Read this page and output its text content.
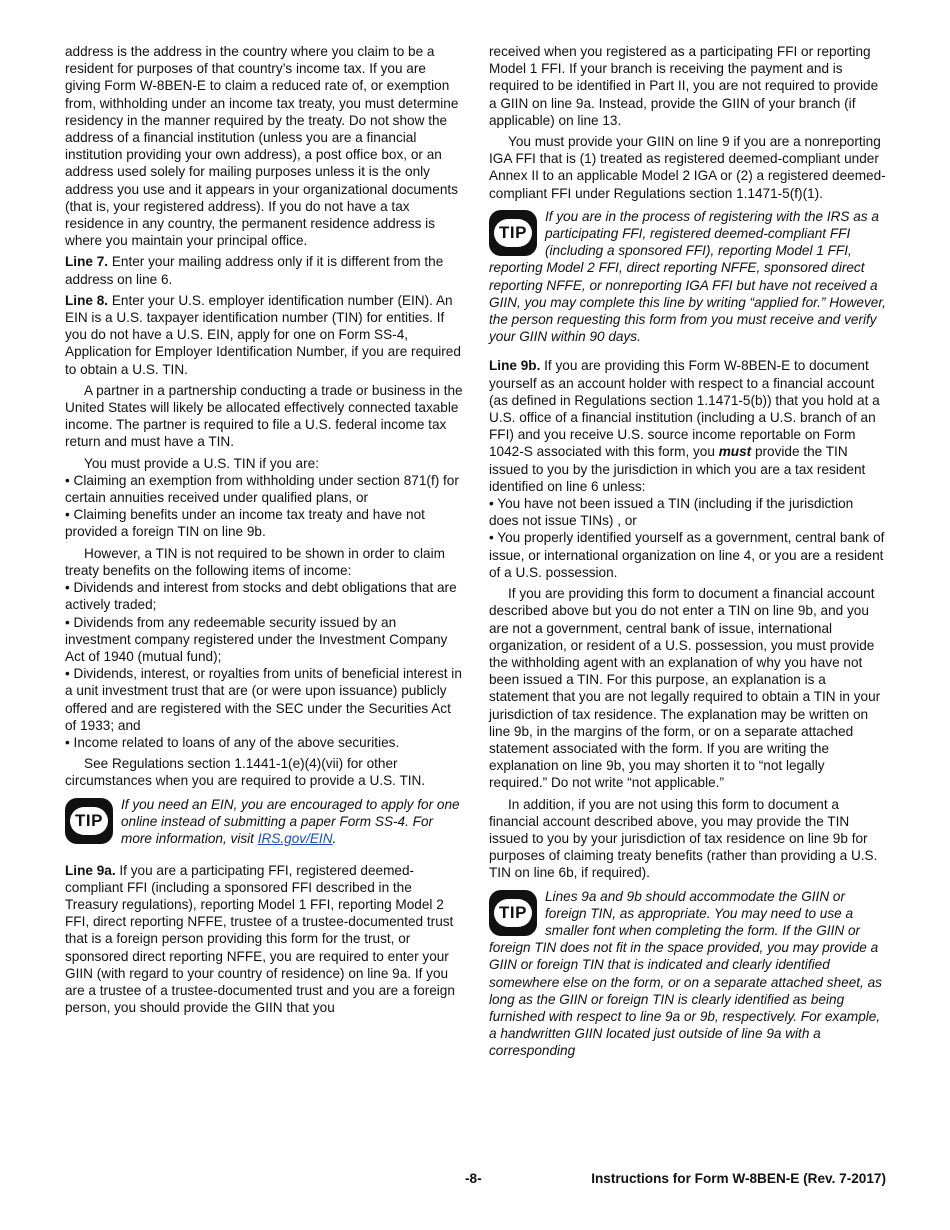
address is the address in the country where you claim to be a resident for purposes of that country’s income tax. If you are giving Form W-8BEN-E to claim a reduced rate of, or exemption from, withholding under an income tax treaty, you must determine residency in the manner required by the treaty. Do not show the address of a financial institution (unless you are a financial institution providing your own address), a post office box, or an address used solely for mailing purposes unless it is the only address you use and it appears in your organizational documents (that is, your registered address). If you do not have a tax residence in any country, the permanent residence address is where you maintain your principal office.

Line 7. Enter your mailing address only if it is different from the address on line 6.

Line 8. Enter your U.S. employer identification number (EIN). An EIN is a U.S. taxpayer identification number (TIN) for entities. If you do not have a U.S. EIN, apply for one on Form SS-4, Application for Employer Identification Number, if you are required to obtain a U.S. TIN.

A partner in a partnership conducting a trade or business in the United States will likely be allocated effectively connected taxable income. The partner is required to file a U.S. federal income tax return and must have a TIN.

You must provide a U.S. TIN if you are:

• Claiming an exemption from withholding under section 871(f) for certain annuities received under qualified plans, or

• Claiming benefits under an income tax treaty and have not provided a foreign TIN on line 9b.

However, a TIN is not required to be shown in order to claim treaty benefits on the following items of income:

• Dividends and interest from stocks and debt obligations that are actively traded;

• Dividends from any redeemable security issued by an investment company registered under the Investment Company Act of 1940 (mutual fund);

• Dividends, interest, or royalties from units of beneficial interest in a unit investment trust that are (or were upon issuance) publicly offered and are registered with the SEC under the Securities Act of 1933; and

• Income related to loans of any of the above securities.

See Regulations section 1.1441-1(e)(4)(vii) for other circumstances when you are required to provide a U.S. TIN.

TIP
If you need an EIN, you are encouraged to apply for one online instead of submitting a paper Form SS-4. For more information, visit IRS.gov/EIN.

Line 9a. If you are a participating FFI, registered deemed-compliant FFI (including a sponsored FFI described in the Treasury regulations), reporting Model 1 FFI, reporting Model 2 FFI, direct reporting NFFE, trustee of a trustee-documented trust that is a foreign person providing this form for the trust, or sponsored direct reporting NFFE, you are required to enter your GIIN (with regard to your country of residence) on line 9a. If you are a trustee of a trustee-documented trust and you are a foreign person, you should provide the GIIN that you

received when you registered as a participating FFI or reporting Model 1 FFI. If your branch is receiving the payment and is required to be identified in Part II, you are not required to provide a GIIN on line 9a. Instead, provide the GIIN of your branch (if applicable) on line 13.

You must provide your GIIN on line 9 if you are a nonreporting IGA FFI that is (1) treated as registered deemed-compliant under Annex II to an applicable Model 2 IGA or (2) a registered deemed-compliant FFI under Regulations section 1.1471-5(f)(1).

TIP
If you are in the process of registering with the IRS as a participating FFI, registered deemed-compliant FFI (including a sponsored FFI), reporting Model 1 FFI, reporting Model 2 FFI, direct reporting NFFE, sponsored direct reporting NFFE, or nonreporting IGA FFI but have not received a GIIN, you may complete this line by writing “applied for.” However, the person requesting this form from you must receive and verify your GIIN within 90 days.

Line 9b. If you are providing this Form W-8BEN-E to document yourself as an account holder with respect to a financial account (as defined in Regulations section 1.1471-5(b)) that you hold at a U.S. office of a financial institution (including a U.S. branch of an FFI) and you receive U.S. source income reportable on Form 1042-S associated with this form, you must provide the TIN issued to you by the jurisdiction in which you are a tax resident identified on line 6 unless:

• You have not been issued a TIN (including if the jurisdiction does not issue TINs) , or

• You properly identified yourself as a government, central bank of issue, or international organization on line 4, or you are a resident of a U.S. possession.

If you are providing this form to document a financial account described above but you do not enter a TIN on line 9b, and you are not a government, central bank of issue, international organization, or resident of a U.S. possession, you must provide the withholding agent with an explanation of why you have not been issued a TIN. For this purpose, an explanation is a statement that you are not legally required to obtain a TIN in your jurisdiction of tax residence. The explanation may be written on line 9b, in the margins of the form, or on a separate attached statement associated with the form. If you are writing the explanation on line 9b, you may shorten it to “not legally required.” Do not write “not applicable.”

In addition, if you are not using this form to document a financial account described above, you may provide the TIN issued to you by your jurisdiction of tax residence on line 9b for purposes of claiming treaty benefits (rather than providing a U.S. TIN on line 6b, if required).

TIP
Lines 9a and 9b should accommodate the GIIN or foreign TIN, as appropriate. You may need to use a smaller font when completing the form. If the GIIN or foreign TIN does not fit in the space provided, you may provide a GIIN or foreign TIN that is indicated and clearly identified somewhere else on the form, or on a separate attached sheet, as long as the GIIN or foreign TIN is clearly identified as being furnished with respect to line 9a or 9b, respectively. For example, a handwritten GIIN located just outside of line 9a with a corresponding
-8-	Instructions for Form W-8BEN-E (Rev. 7-2017)
